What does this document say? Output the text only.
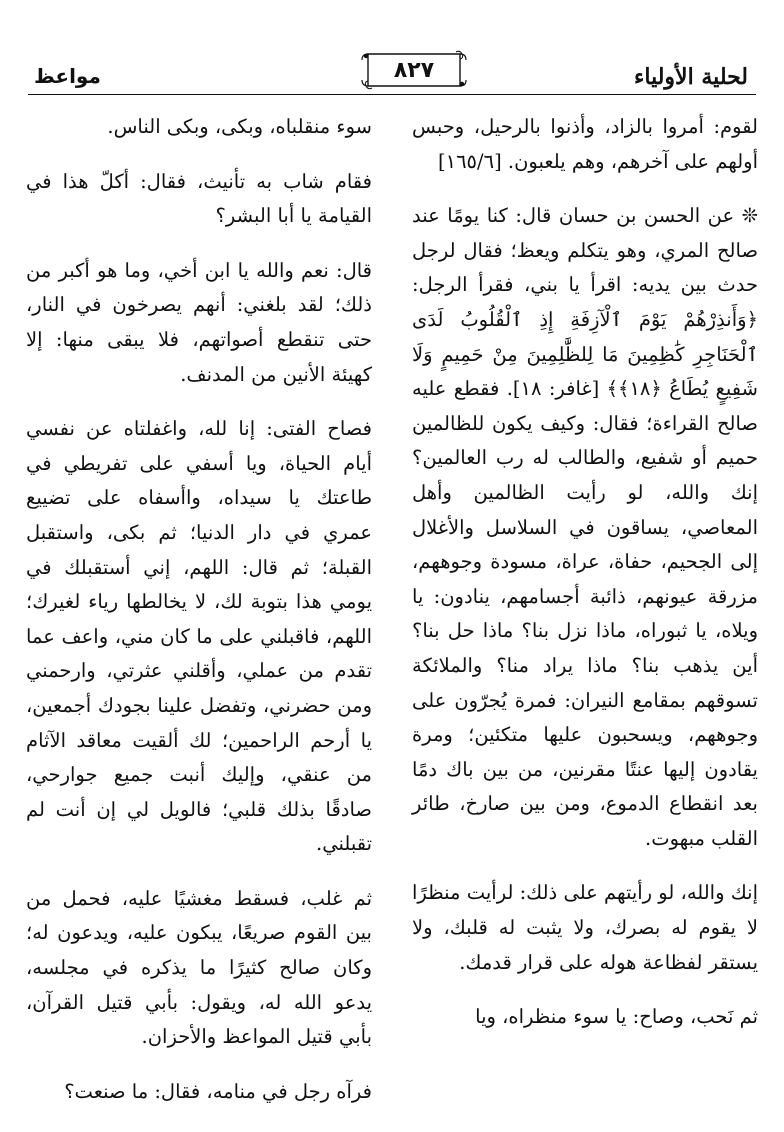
لحلية الأولياء
٨٢٧
مواعظ

لقوم: أمروا بالزاد، وأذنوا بالرحيل، وحبس أولهم على آخرهم، وهم يلعبون. [١٦٥/٦]

❊ عن الحسن بن حسان قال: كنا يومًا عند صالح المري، وهو يتكلم ويعظ؛ فقال لرجل حدث بين يديه: اقرأ يا بني، فقرأ الرجل: ﴿وَأَنذِرْهُمْ يَوْمَ ٱلْآزِفَةِ إِذِ ٱلْقُلُوبُ لَدَى ٱلْحَنَاجِرِ كَٰظِمِينَ مَا لِلظَّٰلِمِينَ مِنْ حَمِيمٍ وَلَا شَفِيعٍ يُطَاعُ ﴿١٨﴾﴾ [غافر: ١٨]. فقطع عليه صالح القراءة؛ فقال: وكيف يكون للظالمين حميم أو شفيع، والطالب له رب العالمين؟ إنك والله، لو رأيت الظالمين وأهل المعاصي، يساقون في السلاسل والأغلال إلى الجحيم، حفاة، عراة، مسودة وجوههم، مزرقة عيونهم، ذائبة أجسامهم، ينادون: يا ويلاه، يا ثبوراه، ماذا نزل بنا؟ ماذا حل بنا؟ أين يذهب بنا؟ ماذا يراد منا؟ والملائكة تسوقهم بمقامع النيران: فمرة يُجرّون على وجوههم، ويسحبون عليها متكئين؛ ومرة يقادون إليها عنتًا مقرنين، من بين باك دمًا بعد انقطاع الدموع، ومن بين صارخ، طائر القلب مبهوت.

إنك والله، لو رأيتهم على ذلك: لرأيت منظرًا لا يقوم له بصرك، ولا يثبت له قلبك، ولا يستقر لفظاعة هوله على قرار قدمك.

ثم نَحب، وصاح: يا سوء منظراه، ويا

سوء منقلباه، وبكى، وبكى الناس.

فقام شاب به تأنيث، فقال: أكلّ هذا في القيامة يا أبا البشر؟

قال: نعم والله يا ابن أخي، وما هو أكبر من ذلك؛ لقد بلغني: أنهم يصرخون في النار، حتى تنقطع أصواتهم، فلا يبقى منها: إلا كهيئة الأنين من المدنف.

فصاح الفتى: إنا لله، واغفلتاه عن نفسي أيام الحياة، ويا أسفي على تفريطي في طاعتك يا سيداه، واأسفاه على تضييع عمري في دار الدنيا؛ ثم بكى، واستقبل القبلة؛ ثم قال: اللهم، إني أستقبلك في يومي هذا بتوبة لك، لا يخالطها رياء لغيرك؛ اللهم، فاقبلني على ما كان مني، واعف عما تقدم من عملي، وأقلني عثرتي، وارحمني ومن حضرني، وتفضل علينا بجودك أجمعين، يا أرحم الراحمين؛ لك ألقيت معاقد الآثام من عنقي، وإليك أنبت جميع جوارحي، صادقًا بذلك قلبي؛ فالويل لي إن أنت لم تقبلني.

ثم غلب، فسقط مغشيًا عليه، فحمل من بين القوم صريعًا، يبكون عليه، ويدعون له؛ وكان صالح كثيرًا ما يذكره في مجلسه، يدعو الله له، ويقول: بأبي قتيل القرآن، بأبي قتيل المواعظ والأحزان.

فرآه رجل في منامه، فقال: ما صنعت؟
